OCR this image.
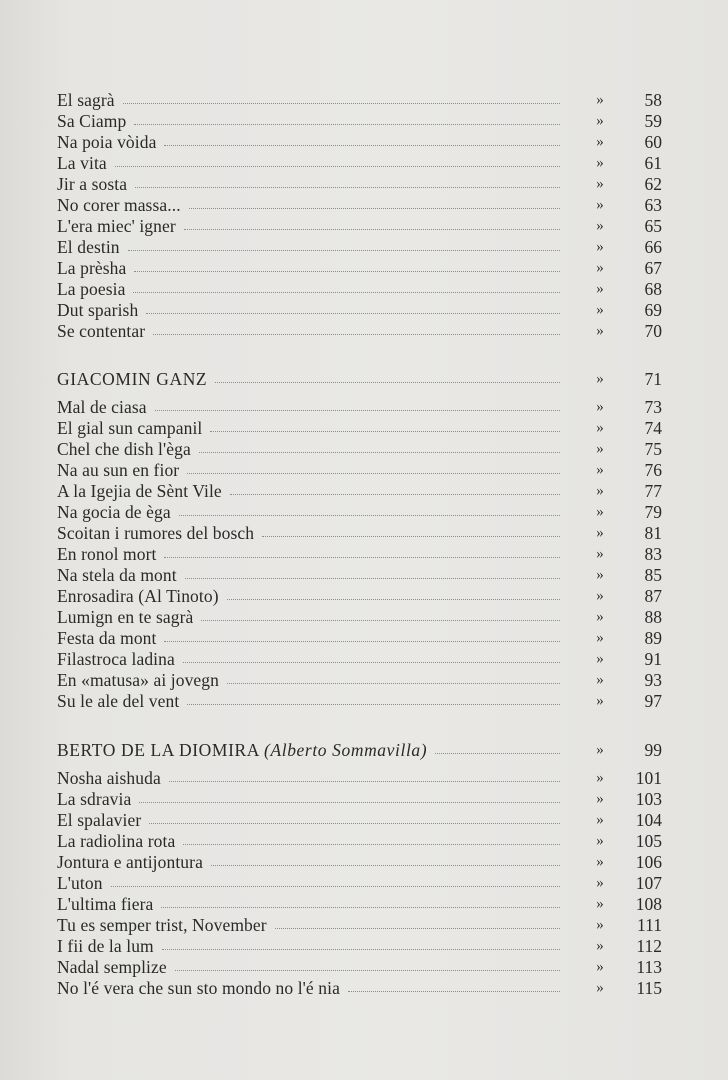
El sagrà	» 58
Sa Ciamp	» 59
Na poia vòida	» 60
La vita	» 61
Jir a sosta	» 62
No corer massa...	» 63
L'era miec' igner	» 65
El destin	» 66
La prèsha	» 67
La poesia	» 68
Dut sparish	» 69
Se contentar	» 70
GIACOMIN GANZ	» 71
Mal de ciasa	» 73
El gial sun campanil	» 74
Chel che dish l'èga	» 75
Na au sun en fior	» 76
A la Igejia de Sènt Vile	» 77
Na gocia de èga	» 79
Scoitan i rumores del bosch	» 81
En ronol mort	» 83
Na stela da mont	» 85
Enrosadira (Al Tinoto)	» 87
Lumign en te sagrà	» 88
Festa da mont	» 89
Filastroca ladina	» 91
En «matusa» ai jovegn	» 93
Su le ale del vent	» 97
BERTO DE LA DIOMIRA (Alberto Sommavilla)	» 99
Nosha aishuda	» 101
La sdravia	» 103
El spalavier	» 104
La radiolina rota	» 105
Jontura e antijontura	» 106
L'uton	» 107
L'ultima fiera	» 108
Tu es semper trist, November	» 111
I fii de la lum	» 112
Nadal semplize	» 113
No l'é vera che sun sto mondo no l'é nia	» 115
